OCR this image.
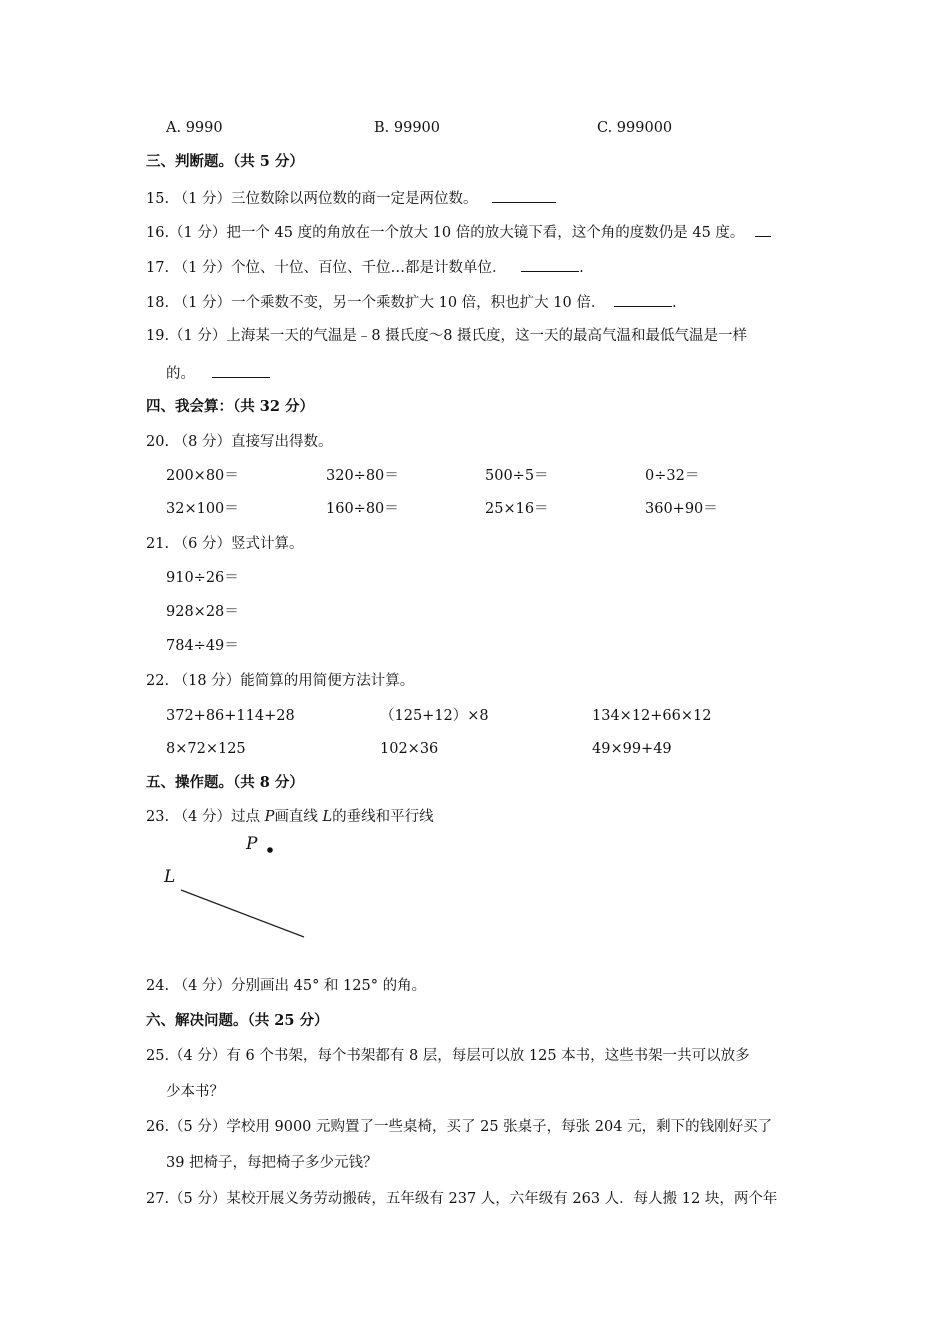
A. 9990	B. 99900	C. 999000
三、判断题。（共 5 分）
15. （1 分）三位数除以两位数的商一定是两位数。
16.（1 分）把一个 45 度的角放在一个放大 10 倍的放大镜下看，这个角的度数仍是 45 度。
17. （1 分）个位、十位、百位、千位…都是计数单位．	.
18. （1 分）一个乘数不变，另一个乘数扩大 10 倍，积也扩大 10 倍．	.
19.（1 分）上海某一天的气温是﹣8 摄氏度～8 摄氏度，这一天的最高气温和最低气温是一样
的。
四、我会算：（共 32 分）
20. （8 分）直接写出得数。
200×80＝	320÷80＝	500÷5＝	0÷32＝
32×100＝	160÷80＝	25×16＝	360+90＝
21. （6 分）竖式计算。
910÷26＝
928×28＝
784÷49＝
22. （18 分）能简算的用简便方法计算。
372+86+114+28	（125+12）×8	134×12+66×12
8×72×125	102×36	49×99+49
五、操作题。（共 8 分）
23. （4 分）过点 P画直线 L的垂线和平行线
P
L
24. （4 分）分别画出 45° 和 125° 的角。
六、解决问题。（共 25 分）
25.（4 分）有 6 个书架，每个书架都有 8 层，每层可以放 125 本书，这些书架一共可以放多
少本书？
26.（5 分）学校用 9000 元购置了一些桌椅，买了 25 张桌子，每张 204 元，剩下的钱刚好买了
39 把椅子，每把椅子多少元钱？
27.（5 分）某校开展义务劳动搬砖，五年级有 237 人，六年级有 263 人．每人搬 12 块，两个年
